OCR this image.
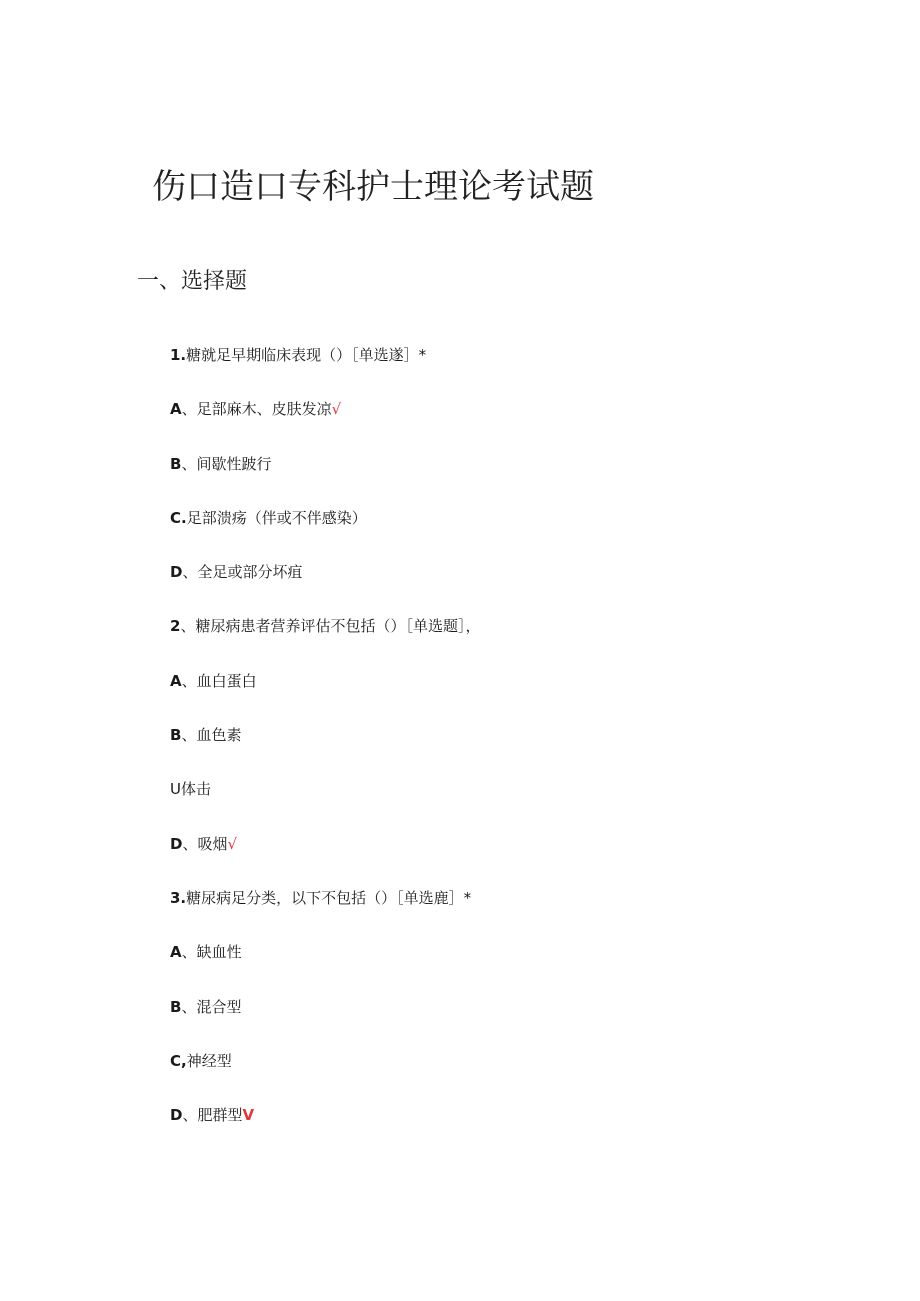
伤口造口专科护士理论考试题
一、选择题
1.糖就足早期临床表现（）［单选遂］*
A、足部麻木、皮肤发凉√
B、间歇性跛行
C.足部溃疡（伴或不伴感染）
D、全足或部分坏疽
2、糖尿病患者营养评估不包括（）［单选题］，
A、血白蛋白
B、血色素
U体击
D、吸烟√
3.糖尿病足分类，以下不包括（）［单选鹿］*
A、缺血性
B、混合型
C,神经型
D、肥群型V
